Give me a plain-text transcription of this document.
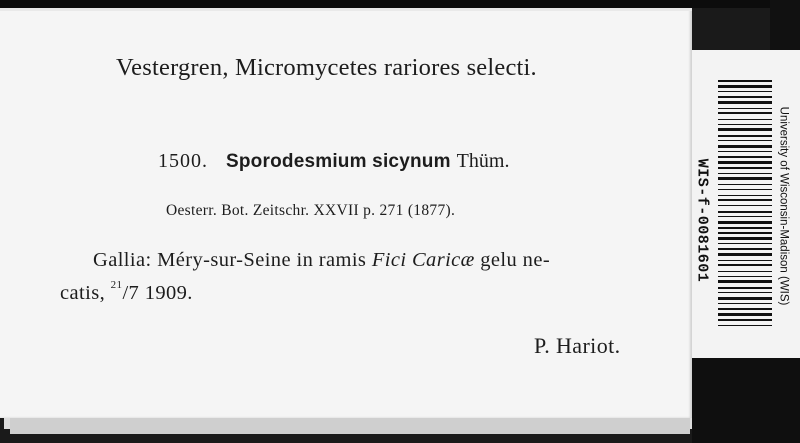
Vestergren, Micromycetes rariores selecti.
1500. Sporodesmium sicynum Thüm.
Oesterr. Bot. Zeitschr. XXVII p. 271 (1877).
Gallia: Méry-sur-Seine in ramis Fici Caricæ gelu ne-
catis, $^{21}$/7 1909.
P. Hariot.
WIS-f-0081601	University of Wisconsin-Madison (WIS)
